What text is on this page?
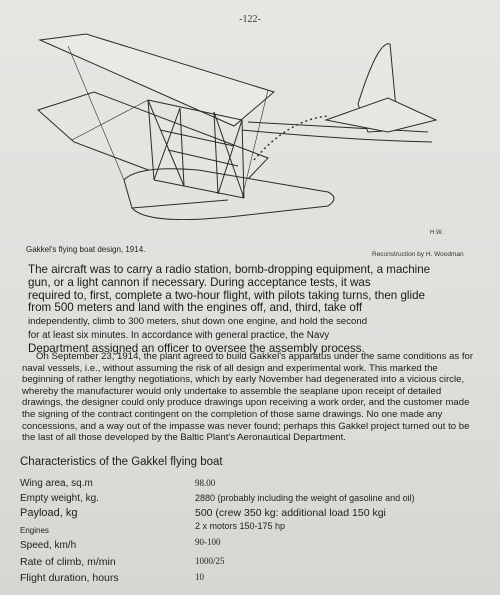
-122-
H.W.
Gakkel's flying boat design, 1914.
Reconstruction by H. Woodman

The aircraft was to carry a radio station, bomb-dropping equipment, a machine
gun, or a light cannon if necessary. During acceptance tests, it was
required to, first, complete a two-hour flight, with pilots taking turns, then glide
from 500 meters and land with the engines off, and, third, take off
independently, climb to 300 meters, shut down one engine, and hold the second
for at least six minutes. In accordance with general practice, the Navy
Department assigned an officer to oversee the assembly process.

On September 23, 1914, the plant agreed to build Gakkel's apparatus under the same conditions as for naval vessels, i.e., without assuming the risk of all design and experimental work. This marked the beginning of rather lengthy negotiations, which by early November had degenerated into a vicious circle, whereby the manufacturer would only undertake to assemble the seaplane upon receipt of detailed drawings, the designer could only produce drawings upon receiving a work order, and the customer made the signing of the contract contingent on the completion of those same drawings. No one made any concessions, and a way out of the impasse was never found; perhaps this Gakkel project turned out to be the last of all those developed by the Baltic Plant's Aeronautical Department.

Characteristics of the Gakkel flying boat
Wing area, sq.m	98.00
Empty weight, kg.	2880 (probably including the weight of gasoline and oil)
Payload, kg	500 (crew 350 kg: additional load 150 kgi
Engines	2 x motors 150-175 hp
Speed, km/h	90-100
Rate of climb, m/min	1000/25
Flight duration, hours	10
